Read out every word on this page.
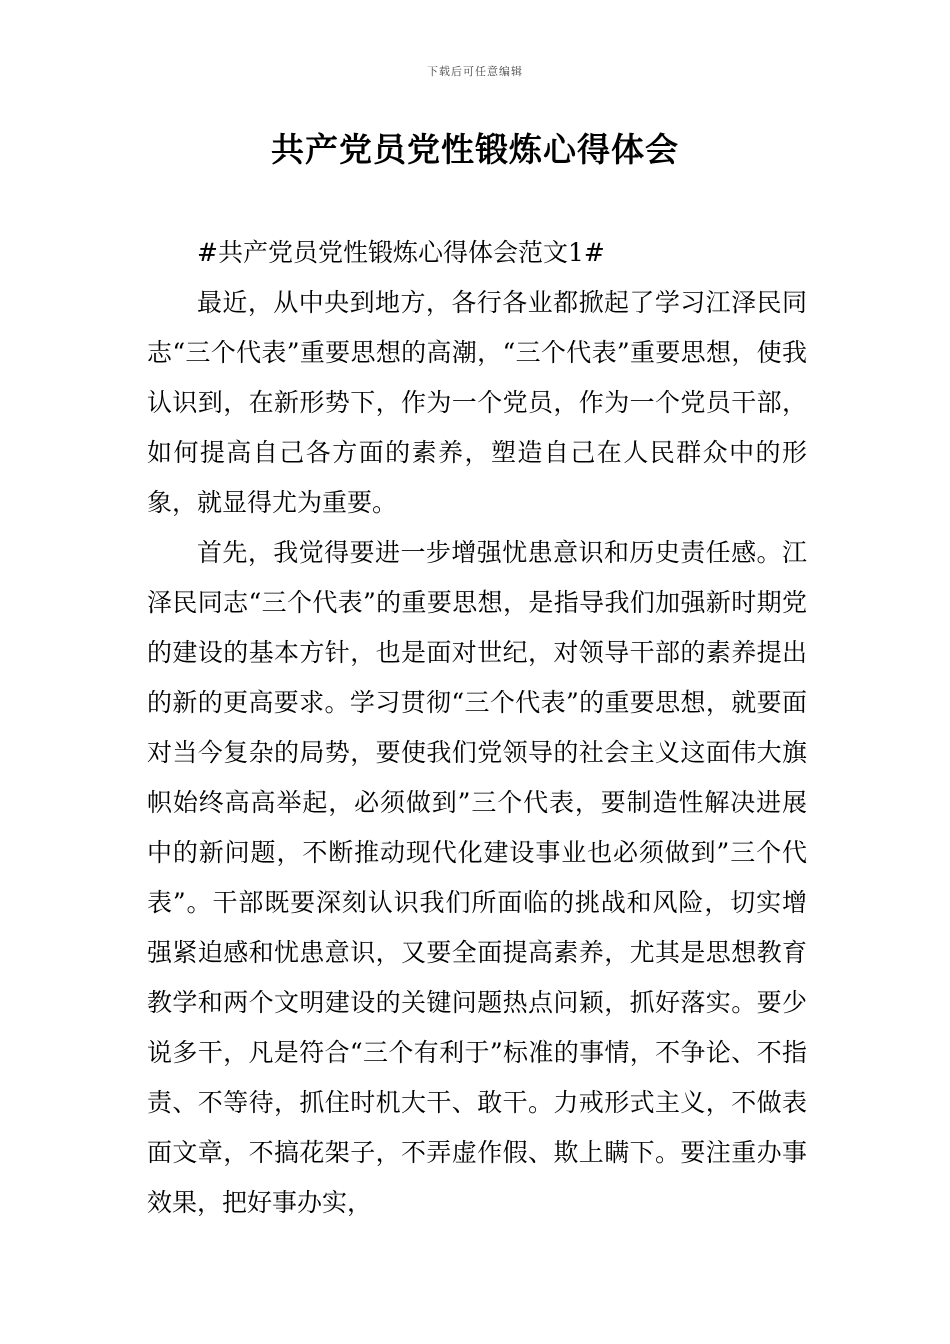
下载后可任意编辑
共产党员党性锻炼心得体会

#共产党员党性锻炼心得体会范文1#

最近，从中央到地方，各行各业都掀起了学习江泽民同志“三个代表”重要思想的高潮，“三个代表”重要思想，使我认识到，在新形势下，作为一个党员，作为一个党员干部，如何提高自己各方面的素养，塑造自己在人民群众中的形象，就显得尤为重要。

首先，我觉得要进一步增强忧患意识和历史责任感。江泽民同志“三个代表”的重要思想，是指导我们加强新时期党的建设的基本方针，也是面对世纪，对领导干部的素养提出的新的更高要求。学习贯彻“三个代表”的重要思想，就要面对当今复杂的局势，要使我们党领导的社会主义这面伟大旗帜始终高高举起，必须做到”三个代表，要制造性解决进展中的新问题，不断推动现代化建设事业也必须做到”三个代表”。干部既要深刻认识我们所面临的挑战和风险，切实增强紧迫感和忧患意识，又要全面提高素养，尤其是思想教育教学和两个文明建设的关键问题热点问颖，抓好落实。要少说多干，凡是符合“三个有利于”标准的事情，不争论、不指责、不等待，抓住时机大干、敢干。力戒形式主义，不做表面文章，不搞花架子，不弄虚作假、欺上瞒下。要注重办事效果，把好事办实，
